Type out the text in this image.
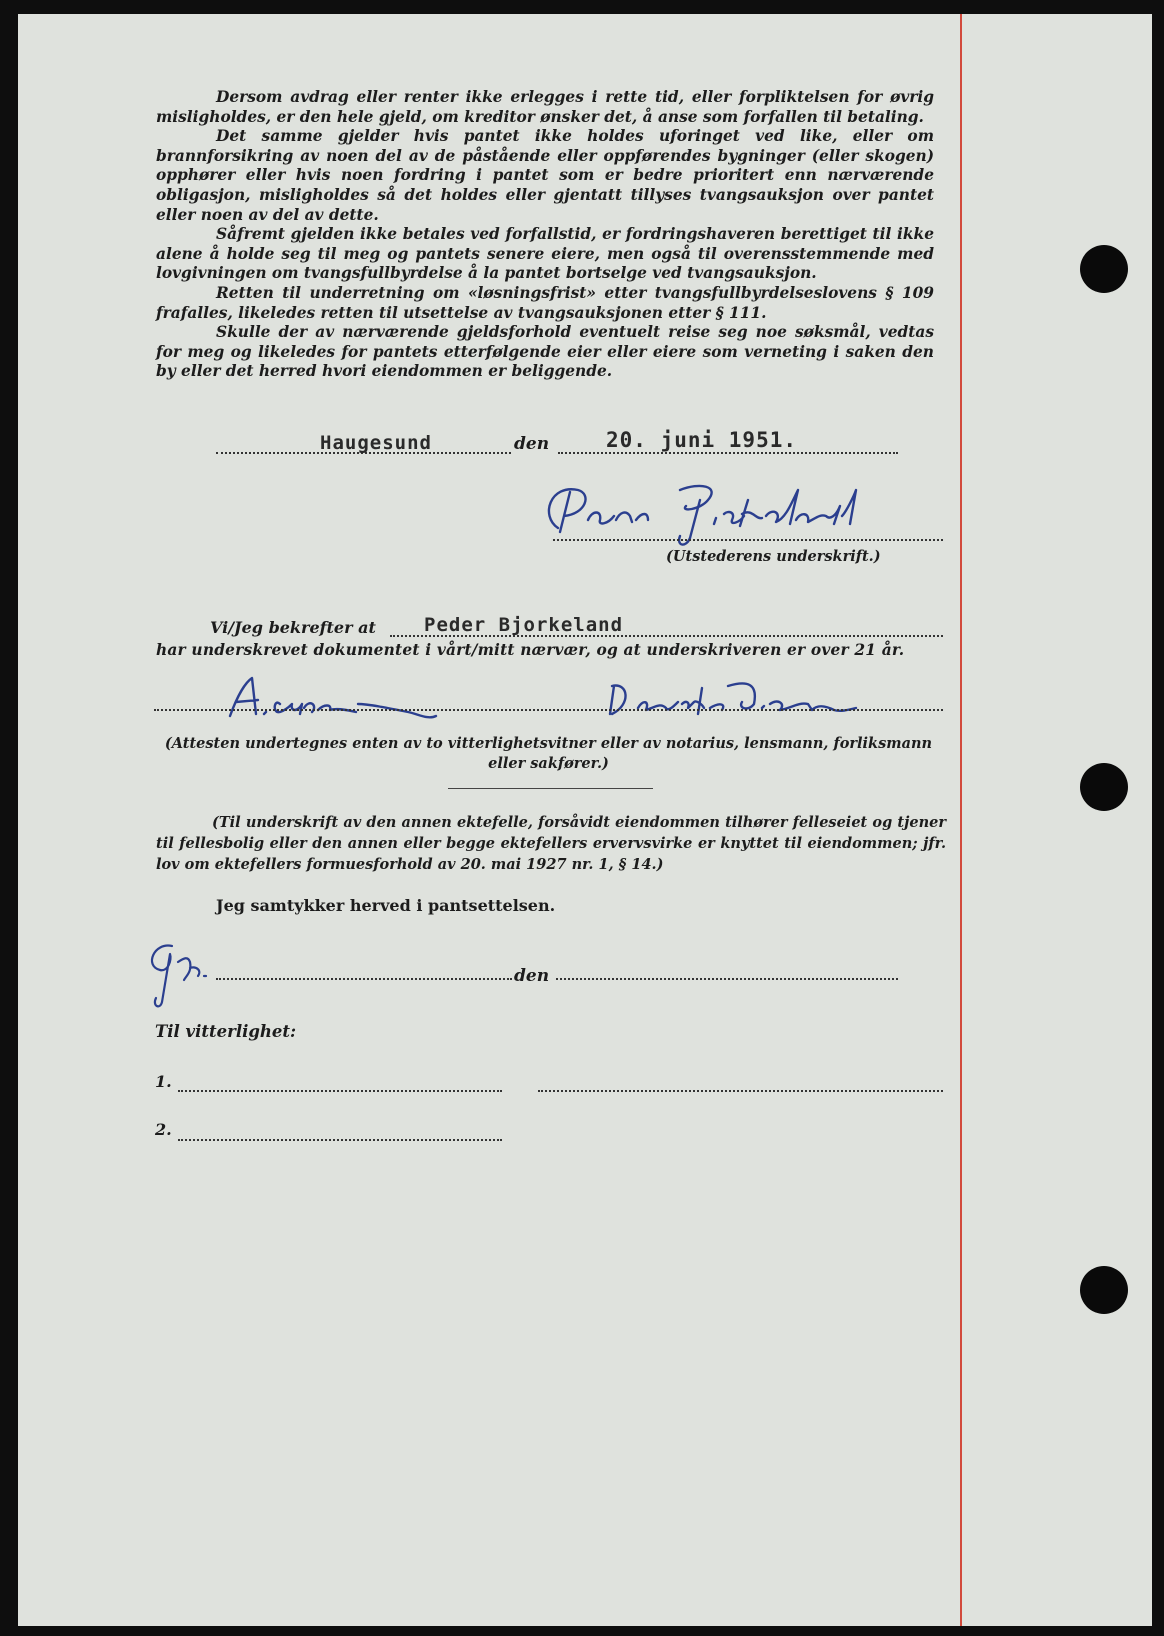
Dersom avdrag eller renter ikke erlegges i rette tid, eller forpliktelsen for øvrig misligholdes, er den hele gjeld, om kreditor ønsker det, å anse som forfallen til betaling.

Det samme gjelder hvis pantet ikke holdes uforinget ved like, eller om brannforsikring av noen del av de påstående eller oppførendes bygninger (eller skogen) opphører eller hvis noen fordring i pantet som er bedre prioritert enn nærværende obligasjon, misligholdes så det holdes eller gjentatt tillyses tvangsauksjon over pantet eller noen av del av dette.

Såfremt gjelden ikke betales ved forfallstid, er fordringshaveren berettiget til ikke alene å holde seg til meg og pantets senere eiere, men også til overensstemmende med lovgivningen om tvangsfullbyrdelse å la pantet bortselge ved tvangsauksjon.

Retten til underretning om «løsningsfrist» etter tvangsfullbyrdelseslovens § 109 frafalles, likeledes retten til utsettelse av tvangsauksjonen etter § 111.

Skulle der av nærværende gjeldsforhold eventuelt reise seg noe søksmål, vedtas for meg og likeledes for pantets etterfølgende eier eller eiere som verneting i saken den by eller det herred hvori eiendommen er beliggende.

Haugesund	den	20. juni 1951.
(Utstederens underskrift.)
Vi/Jeg bekrefter at	Peder Bjorkeland
har underskrevet dokumentet i vårt/mitt nærvær, og at underskriveren er over 21 år.
(Attesten undertegnes enten av to vitterlighetsvitner eller av notarius, lensmann, forliksmann eller sakfører.)
(Til underskrift av den annen ektefelle, forsåvidt eiendommen tilhører felleseiet og tjener til fellesbolig eller den annen eller begge ektefellers ervervsvirke er knyttet til eiendommen; jfr. lov om ektefellers formuesforhold av 20. mai 1927 nr. 1, § 14.)
Jeg samtykker herved i pantsettelsen.
den
Til vitterlighet:
1.
2.
